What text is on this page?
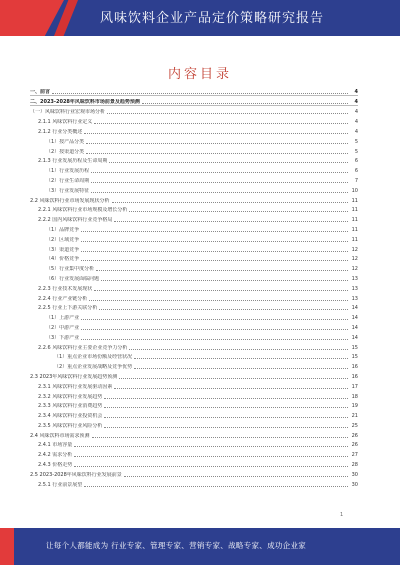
风味饮料企业产品定价策略研究报告
内容目录
一、前言	4
二、2023-2028年风味饮料市场前景及趋势预测	4
（一）风味饮料行业宏观市场分析	4
2.1.1 风味饮料行业定义	4
2.1.2 行业分类概述	4
（1）按产品分类	5
（2）按渠道分类	5
2.1.3 行业发展历程及生命周期	6
（1）行业发展历程	6
（2）行业生命周期	7
（3）行业发展特征	10
2.2 风味饮料行业市场发展现状分析	11
2.2.1 风味饮料行业市场规模及增长分析	11
2.2.2 国内风味饮料行业竞争格局	11
（1）品牌竞争	11
（2）区域竞争	11
（3）渠道竞争	12
（4）价格竞争	12
（5）行业集中度分析	12
（6）行业发展面临问题	13
2.2.3 行业技术发展现状	13
2.2.4 行业产业链分析	13
2.2.5 行业上下游关联分析	14
（1）上游产业	14
（2）中游产业	14
（3）下游产业	14
2.2.6 风味饮料行业主要企业竞争力分析	15
（1）重点企业市场份额及经营状况	15
（2）重点企业发展战略及竞争优势	16
2.3 2023年风味饮料行业发展趋势预测	16
2.3.1 风味饮料行业发展驱动因素	17
2.3.2 风味饮料行业发展趋势	18
2.3.3 风味饮料行业消费趋势	19
2.3.4 风味饮料行业投资机会	21
2.3.5 风味饮料行业风险分析	25
2.4 风味饮料市场需求预测	26
2.4.1 市场容量	26
2.4.2 需求分析	27
2.4.3 价格走势	28
2.5 2023-2028年风味饮料行业发展前景	30
2.5.1 行业前景展望	30
1
让每个人都能成为 行业专家、管理专家、营销专家、战略专家、成功企业家
